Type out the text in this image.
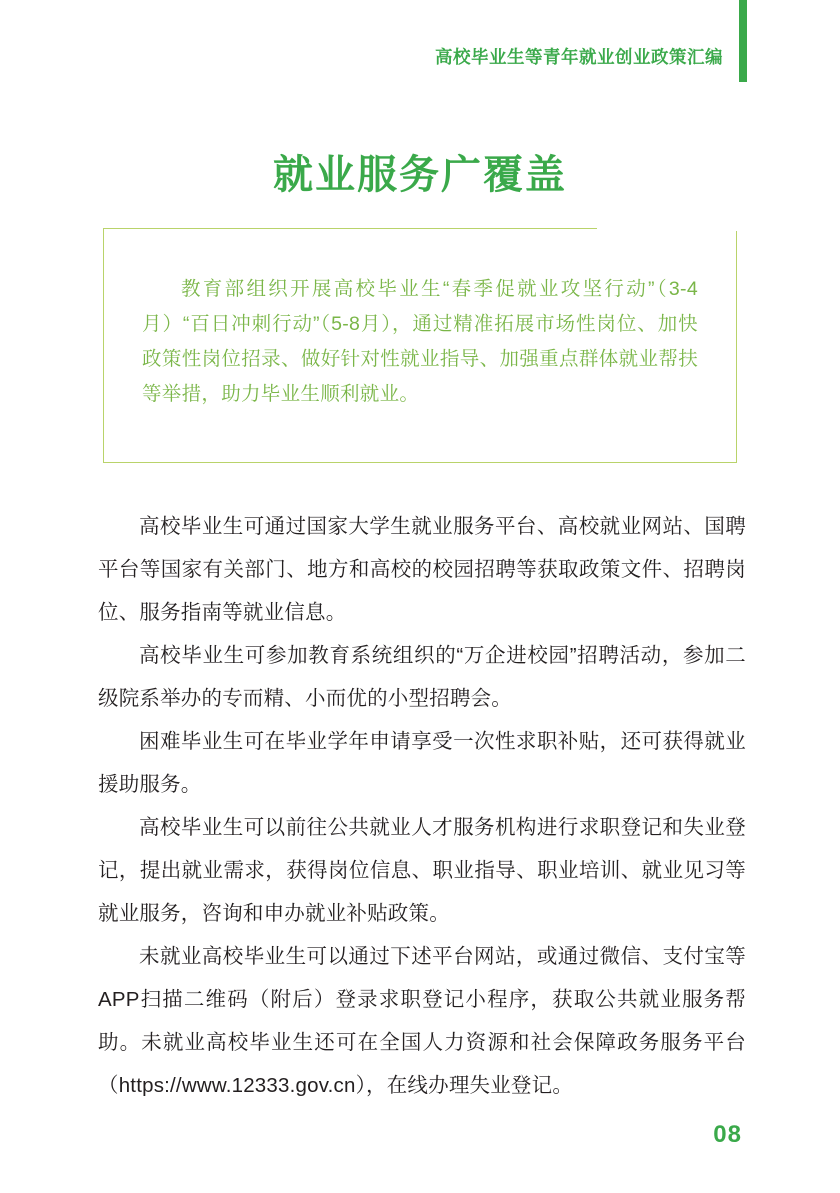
高校毕业生等青年就业创业政策汇编
就业服务广覆盖
教育部组织开展高校毕业生“春季促就业攻坚行动”（3-4月）“百日冲刺行动”（5-8月），通过精准拓展市场性岗位、加快政策性岗位招录、做好针对性就业指导、加强重点群体就业帮扶等举措，助力毕业生顺利就业。

高校毕业生可通过国家大学生就业服务平台、高校就业网站、国聘平台等国家有关部门、地方和高校的校园招聘等获取政策文件、招聘岗位、服务指南等就业信息。

高校毕业生可参加教育系统组织的“万企进校园”招聘活动，参加二级院系举办的专而精、小而优的小型招聘会。

困难毕业生可在毕业学年申请享受一次性求职补贴，还可获得就业援助服务。

高校毕业生可以前往公共就业人才服务机构进行求职登记和失业登记，提出就业需求，获得岗位信息、职业指导、职业培训、就业见习等就业服务，咨询和申办就业补贴政策。

未就业高校毕业生可以通过下述平台网站，或通过微信、支付宝等APP扫描二维码（附后）登录求职登记小程序，获取公共就业服务帮助。未就业高校毕业生还可在全国人力资源和社会保障政务服务平台（https://www.12333.gov.cn），在线办理失业登记。

08
